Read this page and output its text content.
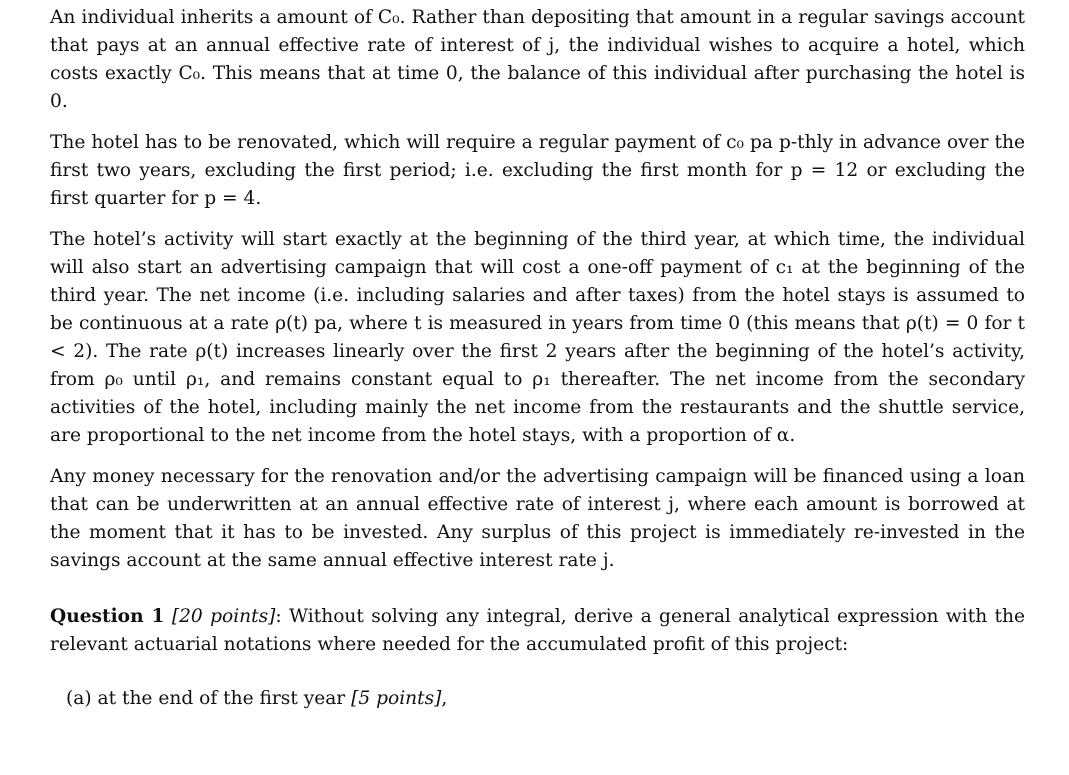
An individual inherits a amount of C₀. Rather than depositing that amount in a regular savings account that pays at an annual effective rate of interest of j, the individual wishes to acquire a hotel, which costs exactly C₀. This means that at time 0, the balance of this individual after purchasing the hotel is 0.

The hotel has to be renovated, which will require a regular payment of c₀ pa p-thly in advance over the first two years, excluding the first period; i.e. excluding the first month for p = 12 or excluding the first quarter for p = 4.

The hotel’s activity will start exactly at the beginning of the third year, at which time, the individual will also start an advertising campaign that will cost a one-off payment of c₁ at the beginning of the third year. The net income (i.e. including salaries and after taxes) from the hotel stays is assumed to be continuous at a rate ρ(t) pa, where t is measured in years from time 0 (this means that ρ(t) = 0 for t < 2). The rate ρ(t) increases linearly over the first 2 years after the beginning of the hotel’s activity, from ρ₀ until ρ₁, and remains constant equal to ρ₁ thereafter. The net income from the secondary activities of the hotel, including mainly the net income from the restaurants and the shuttle service, are proportional to the net income from the hotel stays, with a proportion of α.

Any money necessary for the renovation and/or the advertising campaign will be financed using a loan that can be underwritten at an annual effective rate of interest j, where each amount is borrowed at the moment that it has to be invested. Any surplus of this project is immediately re-invested in the savings account at the same annual effective interest rate j.

Question 1 [20 points]: Without solving any integral, derive a general analytical expression with the relevant actuarial notations where needed for the accumulated profit of this project:

(a) at the end of the first year [5 points],
